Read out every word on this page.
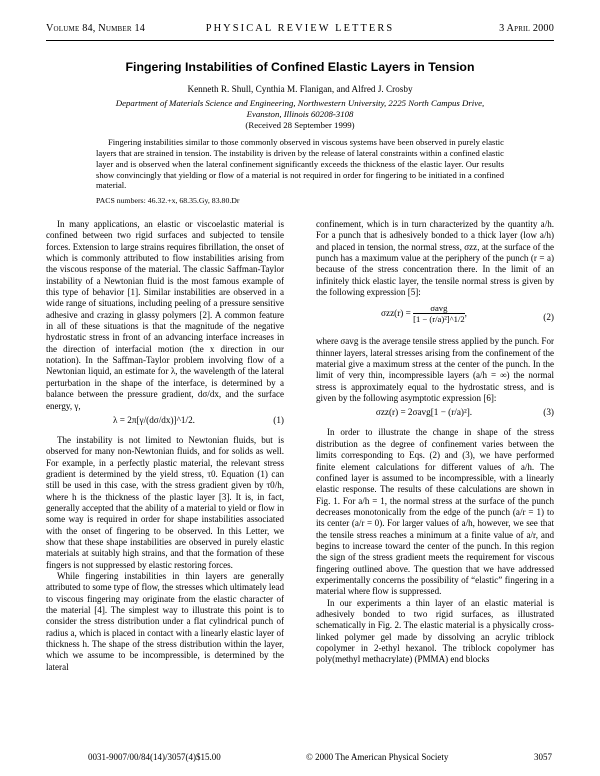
Volume 84, Number 14	PHYSICAL REVIEW LETTERS	3 April 2000
Fingering Instabilities of Confined Elastic Layers in Tension
Kenneth R. Shull, Cynthia M. Flanigan, and Alfred J. Crosby
Department of Materials Science and Engineering, Northwestern University, 2225 North Campus Drive,
Evanston, Illinois 60208-3108
(Received 28 September 1999)
Fingering instabilities similar to those commonly observed in viscous systems have been observed in purely elastic layers that are strained in tension. The instability is driven by the release of lateral constraints within a confined elastic layer and is observed when the lateral confinement significantly exceeds the thickness of the elastic layer. Our results show convincingly that yielding or flow of a material is not required in order for fingering to be initiated in a confined material.
PACS numbers: 46.32.+x, 68.35.Gy, 83.80.Dr

In many applications, an elastic or viscoelastic material is confined between two rigid surfaces and subjected to tensile forces. Extension to large strains requires fibrillation, the onset of which is commonly attributed to flow instabilities arising from the viscous response of the material. The classic Saffman-Taylor instability of a Newtonian fluid is the most famous example of this type of behavior [1]. Similar instabilities are observed in a wide range of situations, including peeling of a pressure sensitive adhesive and crazing in glassy polymers [2]. A common feature in all of these situations is that the magnitude of the negative hydrostatic stress in front of an advancing interface increases in the direction of interfacial motion (the x direction in our notation). In the Saffman-Taylor problem involving flow of a Newtonian liquid, an estimate for λ, the wavelength of the lateral perturbation in the shape of the interface, is determined by a balance between the pressure gradient, dσ/dx, and the surface energy, γ,

λ = 2π[γ/(dσ/dx)]^1/2.	(1)

The instability is not limited to Newtonian fluids, but is observed for many non-Newtonian fluids, and for solids as well. For example, in a perfectly plastic material, the relevant stress gradient is determined by the yield stress, τ0. Equation (1) can still be used in this case, with the stress gradient given by τ0/h, where h is the thickness of the plastic layer [3]. It is, in fact, generally accepted that the ability of a material to yield or flow in some way is required in order for shape instabilities associated with the onset of fingering to be observed. In this Letter, we show that these shape instabilities are observed in purely elastic materials at suitably high strains, and that the formation of these fingers is not suppressed by elastic restoring forces.

While fingering instabilities in thin layers are generally attributed to some type of flow, the stresses which ultimately lead to viscous fingering may originate from the elastic character of the material [4]. The simplest way to illustrate this point is to consider the stress distribution under a flat cylindrical punch of radius a, which is placed in contact with a linearly elastic layer of thickness h. The shape of the stress distribution within the layer, which we assume to be incompressible, is determined by the lateral

confinement, which is in turn characterized by the quantity a/h. For a punch that is adhesively bonded to a thick layer (low a/h) and placed in tension, the normal stress, σzz, at the surface of the punch has a maximum value at the periphery of the punch (r = a) because of the stress concentration there. In the limit of an infinitely thick elastic layer, the tensile normal stress is given by the following expression [5]:

$\sigma zz(r) = \frac{\text{σavg}}{\text{[1 − (r/a)²]\textasciicircum{}1/2}}$ ,	(2)

where σavg is the average tensile stress applied by the punch. For thinner layers, lateral stresses arising from the confinement of the material give a maximum stress at the center of the punch. In the limit of very thin, incompressible layers (a/h = ∞) the normal stress is approximately equal to the hydrostatic stress, and is given by the following asymptotic expression [6]:

σzz(r) = 2σavg[1 − (r/a)²].	(3)

In order to illustrate the change in shape of the stress distribution as the degree of confinement varies between the limits corresponding to Eqs. (2) and (3), we have performed finite element calculations for different values of a/h. The confined layer is assumed to be incompressible, with a linearly elastic response. The results of these calculations are shown in Fig. 1. For a/h = 1, the normal stress at the surface of the punch decreases monotonically from the edge of the punch (a/r = 1) to its center (a/r = 0). For larger values of a/h, however, we see that the tensile stress reaches a minimum at a finite value of a/r, and begins to increase toward the center of the punch. In this region the sign of the stress gradient meets the requirement for viscous fingering outlined above. The question that we have addressed experimentally concerns the possibility of “elastic” fingering in a material where flow is suppressed.

In our experiments a thin layer of an elastic material is adhesively bonded to two rigid surfaces, as illustrated schematically in Fig. 2. The elastic material is a physically cross-linked polymer gel made by dissolving an acrylic triblock copolymer in 2-ethyl hexanol. The triblock copolymer has poly(methyl methacrylate) (PMMA) end blocks

0031-9007/00/84(14)/3057(4)$15.00	© 2000 The American Physical Society	3057
